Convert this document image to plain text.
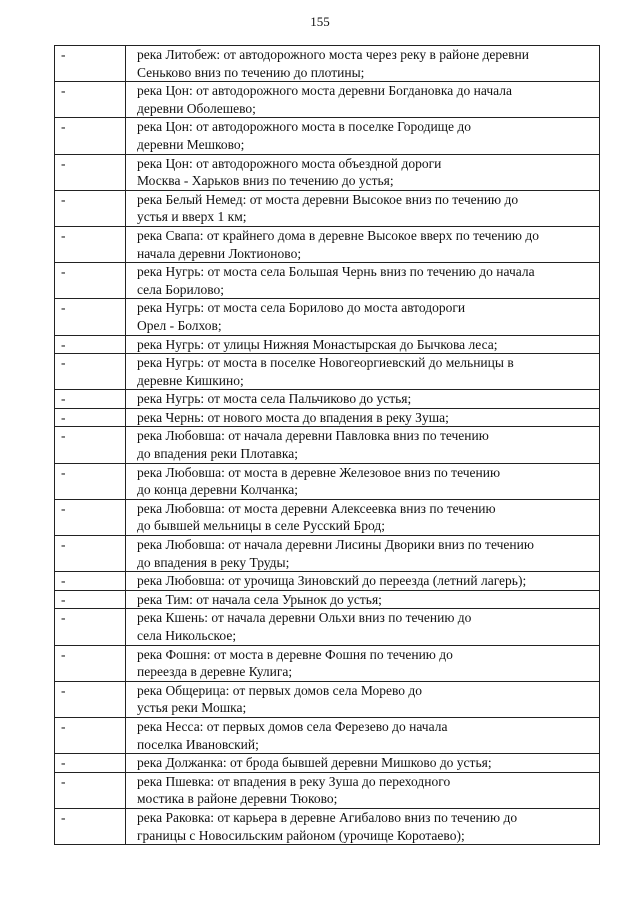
155
-	река Литобеж: от автодорожного моста через реку в районе деревни
Сеньково вниз по течению до плотины;

-	река Цон: от автодорожного моста деревни Богдановка до начала
деревни Оболешево;

-	река Цон: от автодорожного моста в поселке Городище до
деревни Мешково;

-	река Цон: от автодорожного моста объездной дороги
Москва - Харьков вниз по течению до устья;

-	река Белый Немед: от моста деревни Высокое вниз по течению до
устья и вверх 1 км;

-	река Свапа: от крайнего дома в деревне Высокое вверх по течению до
начала деревни Локтионово;

-	река Нугрь: от моста села Большая Чернь вниз по течению до начала
села Борилово;

-	река Нугрь: от моста села Борилово до моста автодороги
Орел - Болхов;

-	река Нугрь: от улицы Нижняя Монастырская до Бычкова леса;

-	река Нугрь: от моста в поселке Новогеоргиевский до мельницы в
деревне Кишкино;

-	река Нугрь: от моста села Пальчиково до устья;

-	река Чернь: от нового моста до впадения в реку Зуша;

-	река Любовша: от начала деревни Павловка вниз по течению
до впадения реки Плотавка;

-	река Любовша: от моста в деревне Железовое вниз по течению
до конца деревни Колчанка;

-	река Любовша: от моста деревни Алексеевка вниз по течению
до бывшей мельницы в селе Русский Брод;

-	река Любовша: от начала деревни Лисины Дворики вниз по течению
до впадения в реку Труды;

-	река Любовша: от урочища Зиновский до переезда (летний лагерь);

-	река Тим: от начала села Урынок до устья;

-	река Кшень: от начала деревни Ольхи вниз по течению до
села Никольское;

-	река Фошня: от моста в деревне Фошня по течению до
переезда в деревне Кулига;

-	река Общерица: от первых домов села Морево до
устья реки Мошка;

-	река Несса: от первых домов села Ферезево до начала
поселка Ивановский;

-	река Должанка: от брода бывшей деревни Мишково до устья;

-	река Пшевка: от впадения в реку Зуша до переходного
мостика в районе деревни Тюково;

-	река Раковка: от карьера в деревне Агибалово вниз по течению до
границы с Новосильским районом (урочище Коротаево);
